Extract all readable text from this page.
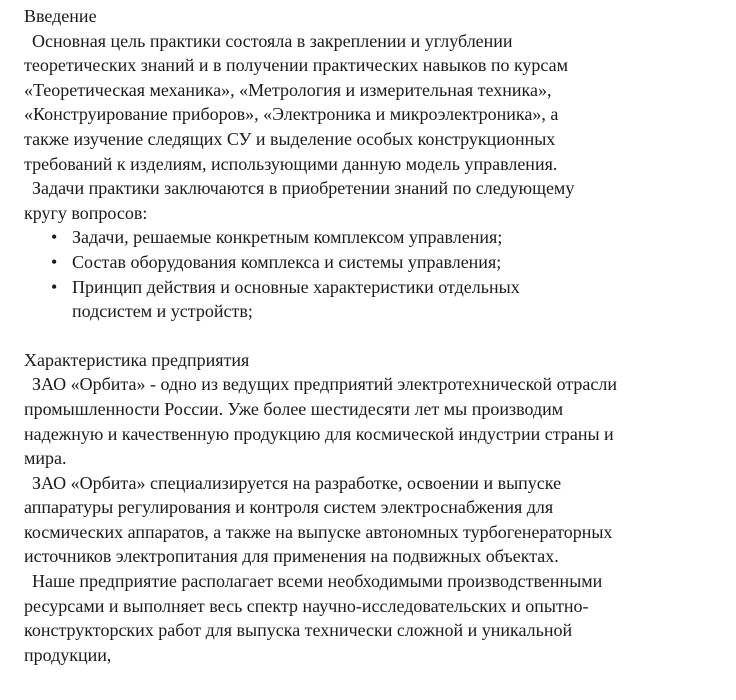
Введение
Основная цель практики состояла в закреплении и углублении
теоретических знаний и в получении практических навыков по курсам
«Теоретическая механика», «Метрология и измерительная техника»,
«Конструирование приборов», «Электроника и микроэлектроника», а
также изучение следящих СУ и выделение особых конструкционных
требований к изделиям, использующими данную модель управления.
Задачи практики заключаются в приобретении знаний по следующему
кругу вопросов:
• Задачи, решаемые конкретным комплексом управления;
• Состав оборудования комплекса и системы управления;
• Принцип действия и основные характеристики отдельных
подсистем и устройств;
Характеристика предприятия
ЗАО «Орбита» - одно из ведущих предприятий электротехнической отрасли
промышленности России. Уже более шестидесяти лет мы производим
надежную и качественную продукцию для космической индустрии страны и
мира.
ЗАО «Орбита» специализируется на разработке, освоении и выпуске
аппаратуры регулирования и контроля систем электроснабжения для
космических аппаратов, а также на выпуске автономных турбогенераторных
источников электропитания для применения на подвижных объектах.
Наше предприятие располагает всеми необходимыми производственными
ресурсами и выполняет весь спектр научно-исследовательских и опытно-
конструкторских работ для выпуска технически сложной и уникальной
продукции,
